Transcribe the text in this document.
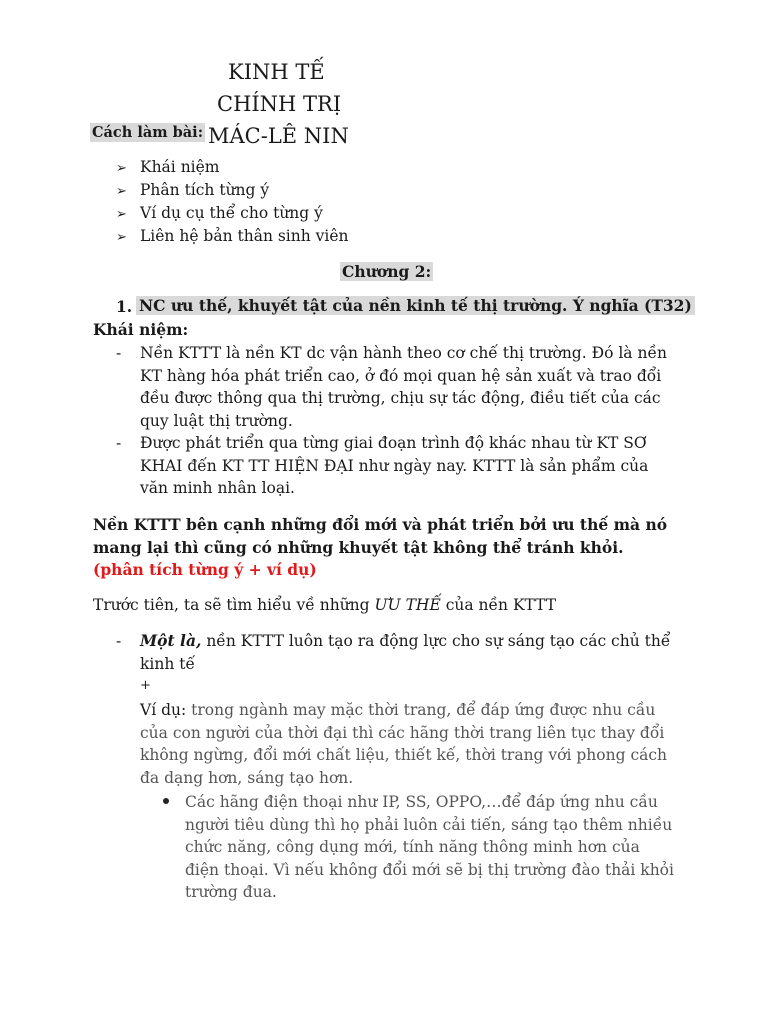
KINH TẾ
CHÍNH TRỊ
MÁC-LÊ NIN
Cách làm bài:
➢ Khái niệm
➢ Phân tích từng ý
➢ Ví dụ cụ thể cho từng ý
➢ Liên hệ bản thân sinh viên
Chương 2:
1. NC ưu thế, khuyết tật của nền kinh tế thị trường. Ý nghĩa (T32)
Khái niệm:
- Nền KTTT là nền KT dc vận hành theo cơ chế thị trường. Đó là nền KT hàng hóa phát triển cao, ở đó mọi quan hệ sản xuất và trao đổi đều được thông qua thị trường, chịu sự tác động, điều tiết của các quy luật thị trường.
- Được phát triển qua từng giai đoạn trình độ khác nhau từ KT SƠ KHAI đến KT TT HIỆN ĐẠI như ngày nay. KTTT là sản phẩm của văn minh nhân loại.
Nền KTTT bên cạnh những đổi mới và phát triển bởi ưu thế mà nó mang lại thì cũng có những khuyết tật không thể tránh khỏi. (phân tích từng ý + ví dụ)
Trước tiên, ta sẽ tìm hiểu về những ƯU THẾ của nền KTTT
- Một là, nền KTTT luôn tạo ra động lực cho sự sáng tạo các chủ thể kinh tế
+
Ví dụ: trong ngành may mặc thời trang, để đáp ứng được nhu cầu của con người của thời đại thì các hãng thời trang liên tục thay đổi không ngừng, đổi mới chất liệu, thiết kế, thời trang với phong cách đa dạng hơn, sáng tạo hơn.
Các hãng điện thoại như IP, SS, OPPO,…để đáp ứng nhu cầu người tiêu dùng thì họ phải luôn cải tiến, sáng tạo thêm nhiều chức năng, công dụng mới, tính năng thông minh hơn của điện thoại. Vì nếu không đổi mới sẽ bị thị trường đào thải khỏi trường đua.
